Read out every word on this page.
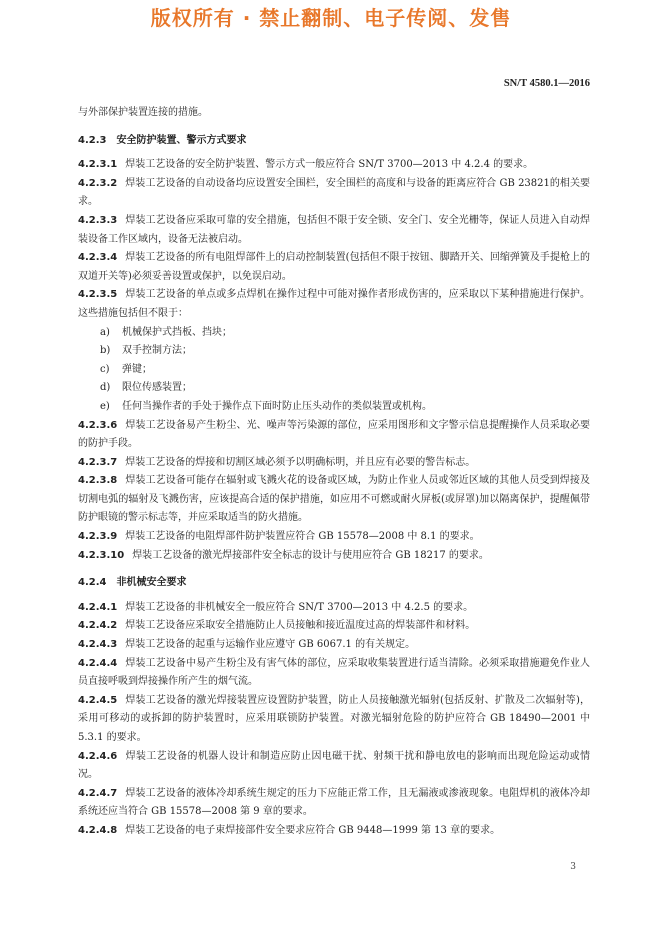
版权所有 · 禁止翻制、电子传阅、发售
SN/T 4580.1—2016

与外部保护装置连接的措施。

4.2.3 安全防护装置、警示方式要求

4.2.3.1 焊装工艺设备的安全防护装置、警示方式一般应符合 SN/T 3700—2013 中 4.2.4 的要求。

4.2.3.2 焊装工艺设备的自动设备均应设置安全围栏，安全围栏的高度和与设备的距离应符合 GB 23821的相关要求。

4.2.3.3 焊装工艺设备应采取可靠的安全措施，包括但不限于安全锁、安全门、安全光栅等，保证人员进入自动焊装设备工作区域内，设备无法被启动。

4.2.3.4 焊装工艺设备的所有电阻焊部件上的启动控制装置(包括但不限于按钮、脚踏开关、回缩弹簧及手提枪上的双道开关等)必须妥善设置或保护，以免误启动。

4.2.3.5 焊装工艺设备的单点或多点焊机在操作过程中可能对操作者形成伤害的，应采取以下某种措施进行保护。这些措施包括但不限于：

a) 机械保护式挡板、挡块；

b) 双手控制方法；

c) 弹键；

d) 限位传感装置；

e) 任何当操作者的手处于操作点下面时防止压头动作的类似装置或机构。

4.2.3.6 焊装工艺设备易产生粉尘、光、噪声等污染源的部位，应采用图形和文字警示信息提醒操作人员采取必要的防护手段。

4.2.3.7 焊装工艺设备的焊接和切割区域必须予以明确标明，并且应有必要的警告标志。

4.2.3.8 焊装工艺设备可能存在辐射或飞溅火花的设备或区域，为防止作业人员或邻近区域的其他人员受到焊接及切割电弧的辐射及飞溅伤害，应该提高合适的保护措施，如应用不可燃或耐火屏板(或屏罩)加以隔离保护，提醒佩带防护眼镜的警示标志等，并应采取适当的防火措施。

4.2.3.9 焊装工艺设备的电阻焊部件防护装置应符合 GB 15578—2008 中 8.1 的要求。

4.2.3.10 焊装工艺设备的激光焊接部件安全标志的设计与使用应符合 GB 18217 的要求。

4.2.4 非机械安全要求

4.2.4.1 焊装工艺设备的非机械安全一般应符合 SN/T 3700—2013 中 4.2.5 的要求。

4.2.4.2 焊装工艺设备应采取安全措施防止人员接触和接近温度过高的焊装部件和材料。

4.2.4.3 焊装工艺设备的起重与运输作业应遵守 GB 6067.1 的有关规定。

4.2.4.4 焊装工艺设备中易产生粉尘及有害气体的部位，应采取收集装置进行适当清除。必须采取措施避免作业人员直接呼吸到焊接操作所产生的烟气流。

4.2.4.5 焊装工艺设备的激光焊接装置应设置防护装置，防止人员接触激光辐射(包括反射、扩散及二次辐射等)，采用可移动的或拆卸的防护装置时，应采用联锁防护装置。对激光辐射危险的防护应符合 GB 18490—2001 中 5.3.1 的要求。

4.2.4.6 焊装工艺设备的机器人设计和制造应防止因电磁干扰、射频干扰和静电放电的影响而出现危险运动或情况。

4.2.4.7 焊装工艺设备的液体冷却系统生规定的压力下应能正常工作，且无漏液或渗液现象。电阻焊机的液体冷却系统还应当符合 GB 15578—2008 第 9 章的要求。

4.2.4.8 焊装工艺设备的电子束焊接部件安全要求应符合 GB 9448—1999 第 13 章的要求。

3
